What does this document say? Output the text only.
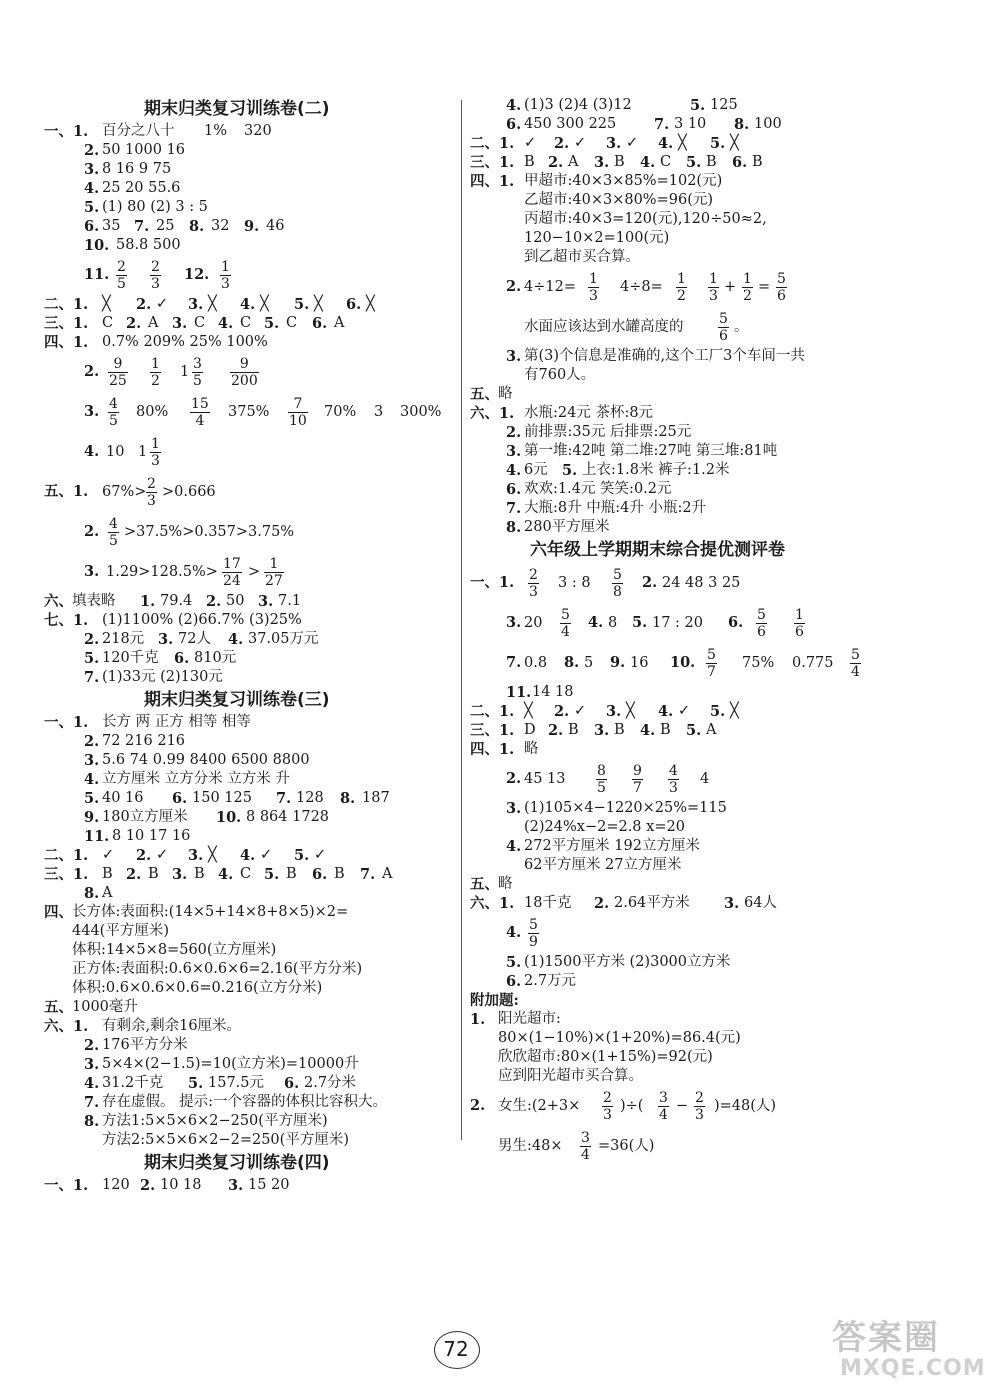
期末归类复习训练卷(二)
一、1. 百分之八十 1% 320
2. 50 1000 16
3. 8 16 9 75
4. 25 20 55.6
5. (1) 80 (2) 3 : 5
6. 35 7. 25 8. 32 9. 46
10. 58.8 500
11. $\frac{2}{5} \frac{2}{3} 12$. $\frac{1}{3}$
二、1. ╳ 2. ✓ 3. ╳ 4. ╳ 5. ╳ 6. ╳
三、1. C 2. A 3. C 4. C 5. C 6. A
四、1. 0.7% 209% 25% 100%
2. $\frac{9}{25} \frac{1}{2} 1 \frac{3}{5} \frac{9}{200}$
3. $\frac{4}{5} 80\% \frac{15}{4} 375\% \frac{7}{10} 70\%$ 3 300%
4. 10 $1 \frac{1}{3}$
五、1. $67\%> \frac{2}{3} >0.666$
2. $\frac{4}{5} >37.5\%>0.357>3.75\%$
3. $1.29>128.5\%> \frac{17}{24} > \frac{1}{27}$
六、 填表略 1. 79.4 2. 50 3. 7.1
七、1. (1)1100% (2)66.7% (3)25%
2. 218元 3. 72人 4. 37.05万元
5. 120千克 6. 810元
7. (1)33元 (2)130元
期末归类复习训练卷(三)
一、1. 长方 两 正方 相等 相等
2. 72 216 216
3. 5.6 74 0.99 8400 6500 8800
4. 立方厘米 立方分米 立方米 升
5. 40 16 6. 150 125 7. 128 8. 187
9. 180立方厘米 10. 8 864 1728
11. 8 10 17 16
二、1. ✓ 2. ✓ 3. ╳ 4. ✓ 5. ✓
三、1. B 2. B 3. B 4. C 5. B 6. B 7. A
8. A
四、 长方体:表面积:(14×5+14×8+8×5)×2=
444(平方厘米)
体积:14×5×8=560(立方厘米)
正方体:表面积:0.6×0.6×6=2.16(平方分米)
体积:0.6×0.6×0.6=0.216(立方分米)
五、 1000毫升
六、1. 有剩余,剩余16厘米。
2. 176平方分米
3. 5×4×(2−1.5)=10(立方米)=10000升
4. 31.2千克 5. 157.5元 6. 2.7分米
7. 存在虚假。 提示:一个容器的体积比容积大。
8. 方法1:5×5×6×2−250(平方厘米)
方法2:5×5×6×2−2=250(平方厘米)
期末归类复习训练卷(四)
一、1. 120 2. 10 18 3. 15 20
4. (1)3 (2)4 (3)12	5. 125
6. 450 300 225	7. 3 10 8. 100
二、1. ✓ 2. ✓ 3. ✓ 4. ╳ 5. ╳
三、1. B 2. A 3. B 4. C 5. B 6. B
四、1. 甲超市:40×3×85%=102(元)
乙超市:40×3×80%=96(元)
丙超市:40×3=120(元),120÷50≈2,
120−10×2=100(元)
到乙超市买合算。
2. $4\div 12= \frac{1}{3} 4\div 8= \frac{1}{2} \frac{1}{3} + \frac{1}{2} = \frac{5}{6}$
水面应该达到水罐高度的 $\frac{5}{6}$ 。
3. 第(3)个信息是准确的,这个工厂3个车间一共
有760人。
五、 略
六、1. 水瓶:24元 茶杯:8元
2. 前排票:35元 后排票:25元
3. 第一堆:42吨 第二堆:27吨 第三堆:81吨
4. 6元 5. 上衣:1.8米 裤子:1.2米
6. 欢欢:1.4元 笑笑:0.2元
7. 大瓶:8升 中瓶:4升 小瓶:2升
8. 280平方厘米
六年级上学期期末综合提优测评卷
一、1. $\frac{2}{3} 3$ : $8 \frac{5}{8} 2$. 24 48 3 25
3. $20 \frac{5}{4} 4$. 8 5. 17 : 20 6. $\frac{5}{6} \frac{1}{6}$
7. 0.8 8. 5 9. 16 10. $\frac{5}{7} 75\%$ $0.775 \frac{5}{4}$
11. 14 18
二、1. ╳ 2. ✓ 3. ╳ 4. ✓ 5. ╳
三、1. D 2. B 3. B 4. B 5. A
四、1. 略
2. 45 $13 \frac{8}{5} \frac{9}{7} \frac{4}{3} 4$
3. (1)105×4−1220×25%=115
(2)24%x−2=2.8 x=20
4. 272平方厘米 192立方厘米
62平方厘米 27立方厘米
五、 略
六、1. 18千克 2. 2.64平方米 3. 64人
4. $\frac{5}{9}$
5. (1)1500平方米 (2)3000立方米
6. 2.7万元
附加题:
1. 阳光超市:
80×(1−10%)×(1+20%)=86.4(元)
欣欣超市:80×(1+15%)=92(元)
应到阳光超市买合算。
2. 女生:(2+3× $\frac{2}{3}$ )÷( $\frac{3}{4} - \frac{2}{3} )=48$(人)
男生:48× $\frac{3}{4} =36$(人)
72	答案圈
MXQE.COM
